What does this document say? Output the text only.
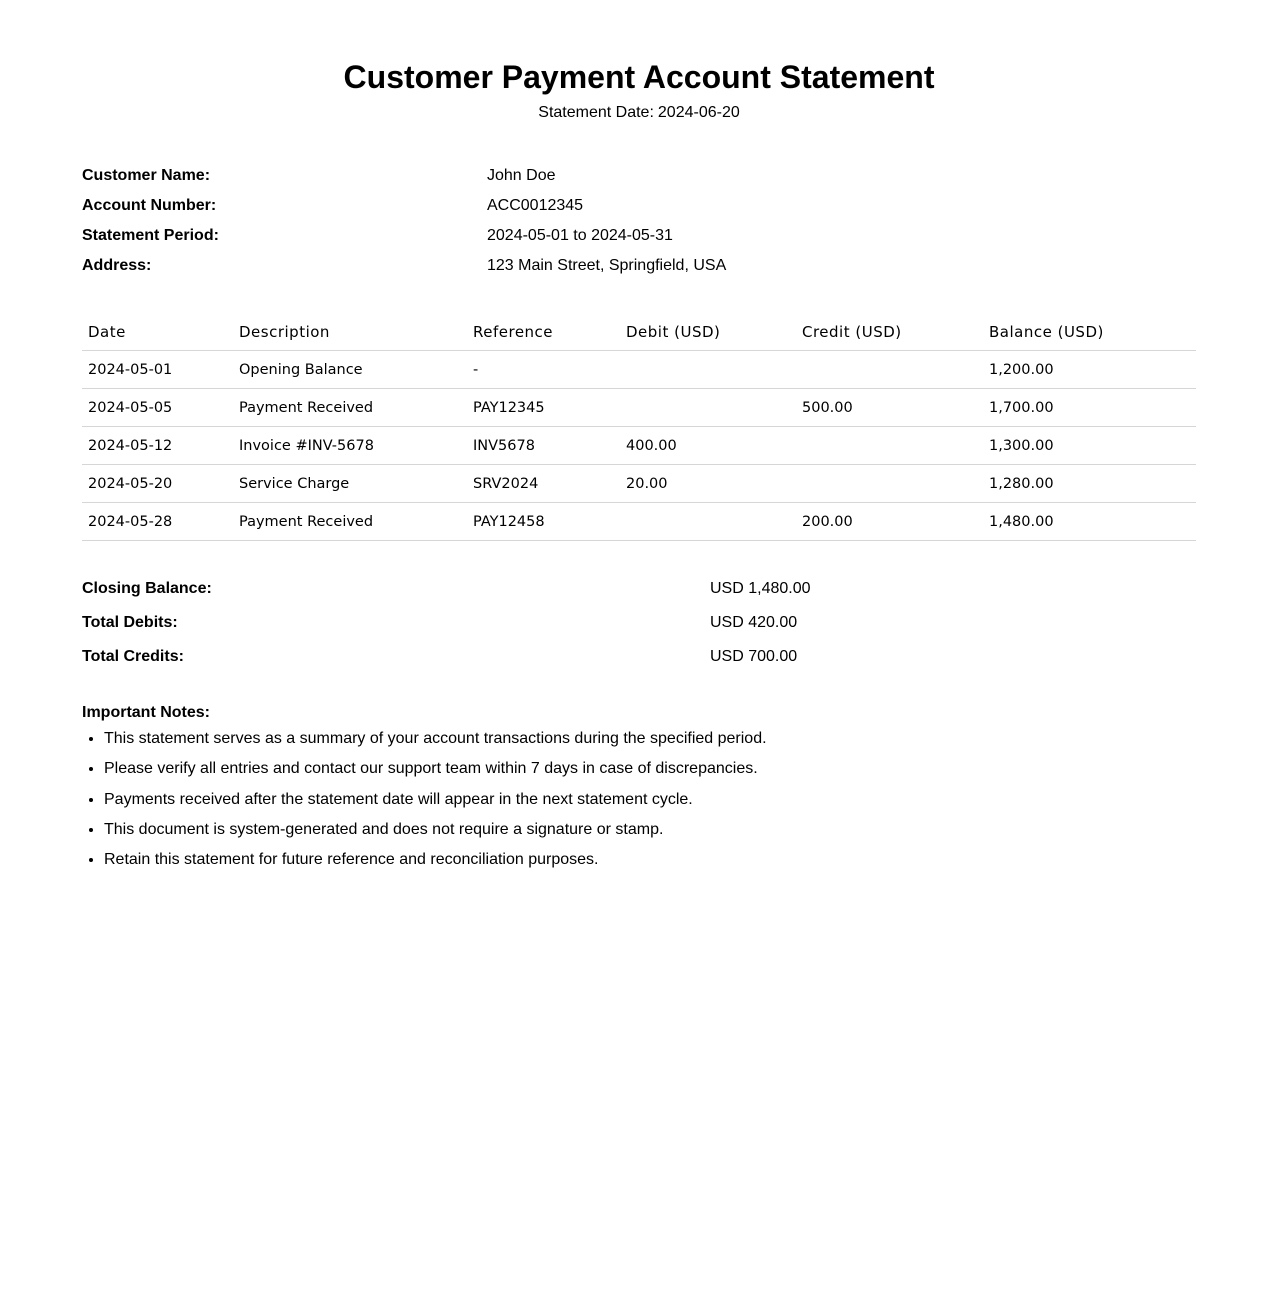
Customer Payment Account Statement
Statement Date: 2024-06-20
Customer Name:	John Doe
Account Number:	ACC0012345
Statement Period:	2024-05-01 to 2024-05-31
Address:	123 Main Street, Springfield, USA
Date	Description	Reference	Debit (USD)	Credit (USD)	Balance (USD)
2024-05-01	Opening Balance	-			1,200.00
2024-05-05	Payment Received	PAY12345		500.00	1,700.00
2024-05-12	Invoice #INV-5678	INV5678	400.00		1,300.00
2024-05-20	Service Charge	SRV2024	20.00		1,280.00
2024-05-28	Payment Received	PAY12458		200.00	1,480.00
Closing Balance:	USD 1,480.00
Total Debits:	USD 420.00
Total Credits:	USD 700.00
Important Notes:
• This statement serves as a summary of your account transactions during the specified period.
• Please verify all entries and contact our support team within 7 days in case of discrepancies.
• Payments received after the statement date will appear in the next statement cycle.
• This document is system-generated and does not require a signature or stamp.
• Retain this statement for future reference and reconciliation purposes.
